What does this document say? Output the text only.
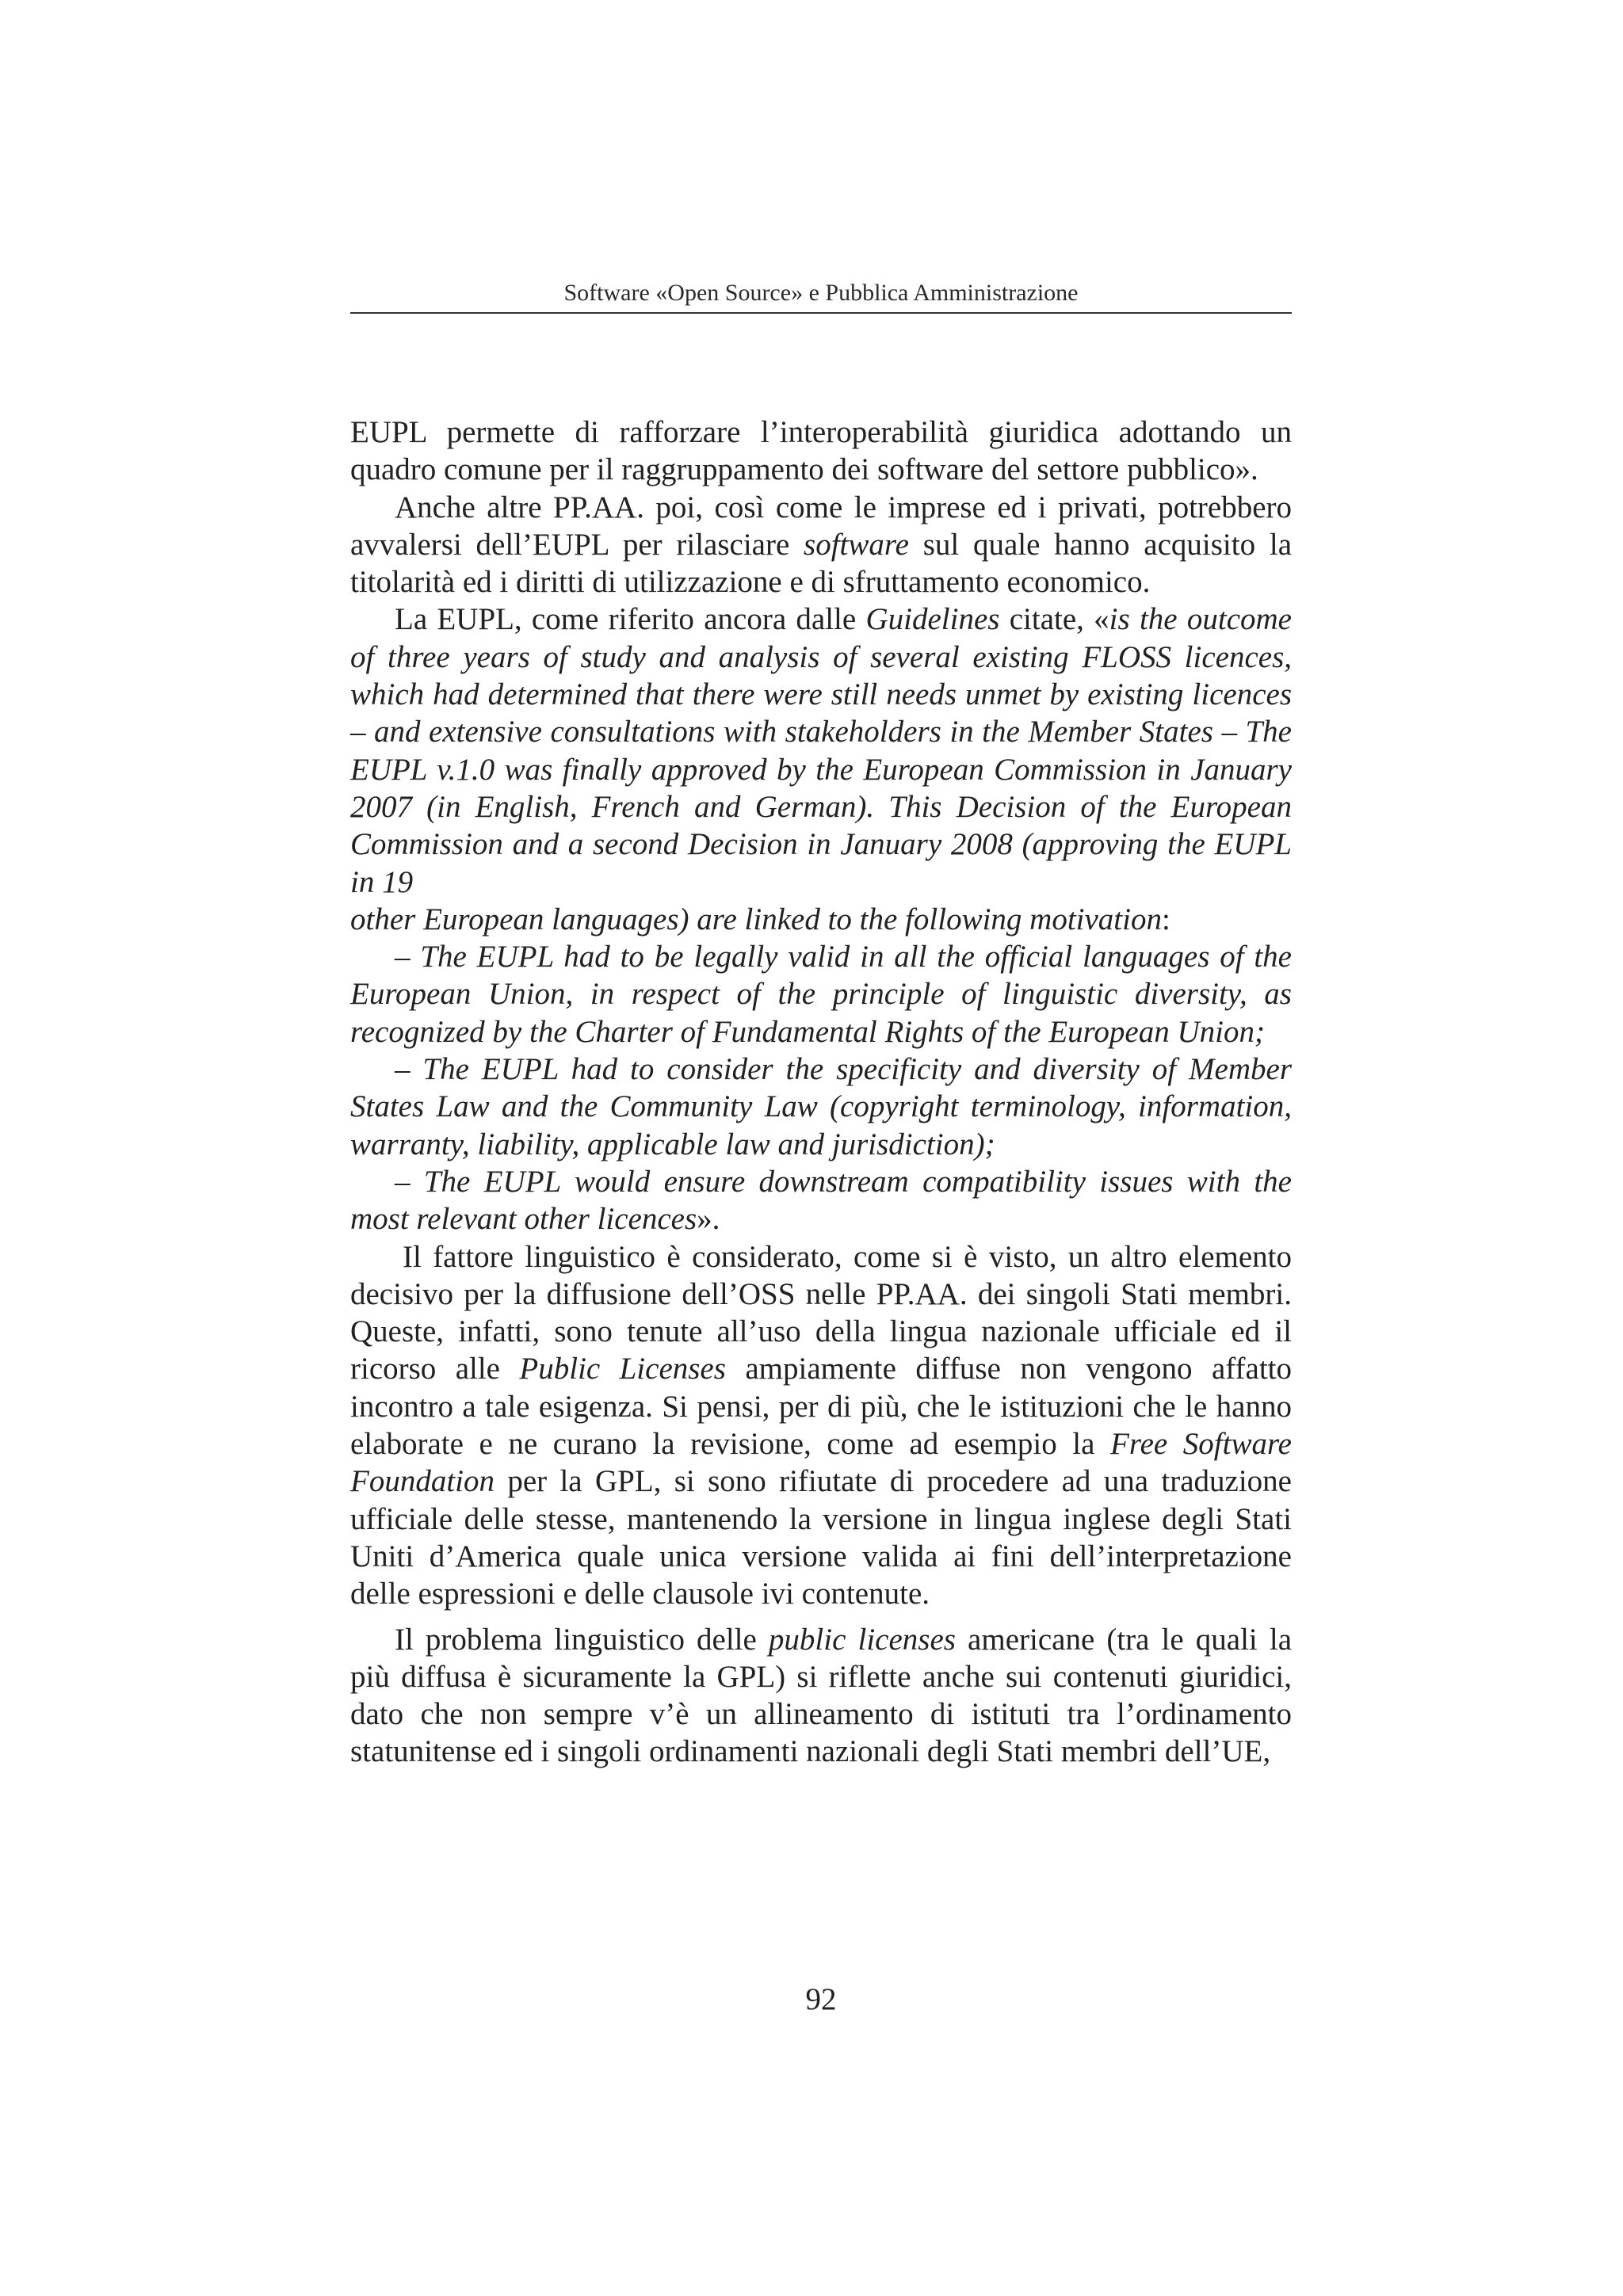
Software «Open Source» e Pubblica Amministrazione

EUPL permette di rafforzare l’interoperabilità giuridica adottando un quadro comune per il raggruppamento dei software del settore pubblico».

Anche altre PP.AA. poi, così come le imprese ed i privati, potrebbero avvalersi dell’EUPL per rilasciare software sul quale hanno acquisito la titolarità ed i diritti di utilizzazione e di sfruttamento economico.

La EUPL, come riferito ancora dalle Guidelines citate, «is the outcome of three years of study and analysis of several existing FLOSS licences, which had determined that there were still needs unmet by existing licences – and extensive consultations with stakeholders in the Member States – The EUPL v.1.0 was finally approved by the European Commission in January 2007 (in English, French and German). This Decision of the European Commission and a second Decision in January 2008 (approving the EUPL in 19

other European languages) are linked to the following motivation:

– The EUPL had to be legally valid in all the official languages of the European Union, in respect of the principle of linguistic diversity, as recognized by the Charter of Fundamental Rights of the European Union;

– The EUPL had to consider the specificity and diversity of Member States Law and the Community Law (copyright terminology, information, warranty, liability, applicable law and jurisdiction);

– The EUPL would ensure downstream compatibility issues with the most relevant other licences».

Il fattore linguistico è considerato, come si è visto, un altro elemento decisivo per la diffusione dell’OSS nelle PP.AA. dei singoli Stati membri. Queste, infatti, sono tenute all’uso della lingua nazionale ufficiale ed il ricorso alle Public Licenses ampiamente diffuse non vengono affatto incontro a tale esigenza. Si pensi, per di più, che le istituzioni che le hanno elaborate e ne curano la revisione, come ad esempio la Free Software Foundation per la GPL, si sono rifiutate di procedere ad una traduzione ufficiale delle stesse, mantenendo la versione in lingua inglese degli Stati Uniti d’America quale unica versione valida ai fini dell’interpretazione delle espressioni e delle clausole ivi contenute.

Il problema linguistico delle public licenses americane (tra le quali la più diffusa è sicuramente la GPL) si riflette anche sui contenuti giuridici, dato che non sempre v’è un allineamento di istituti tra l’ordinamento statunitense ed i singoli ordinamenti nazionali degli Stati membri dell’UE,

92
